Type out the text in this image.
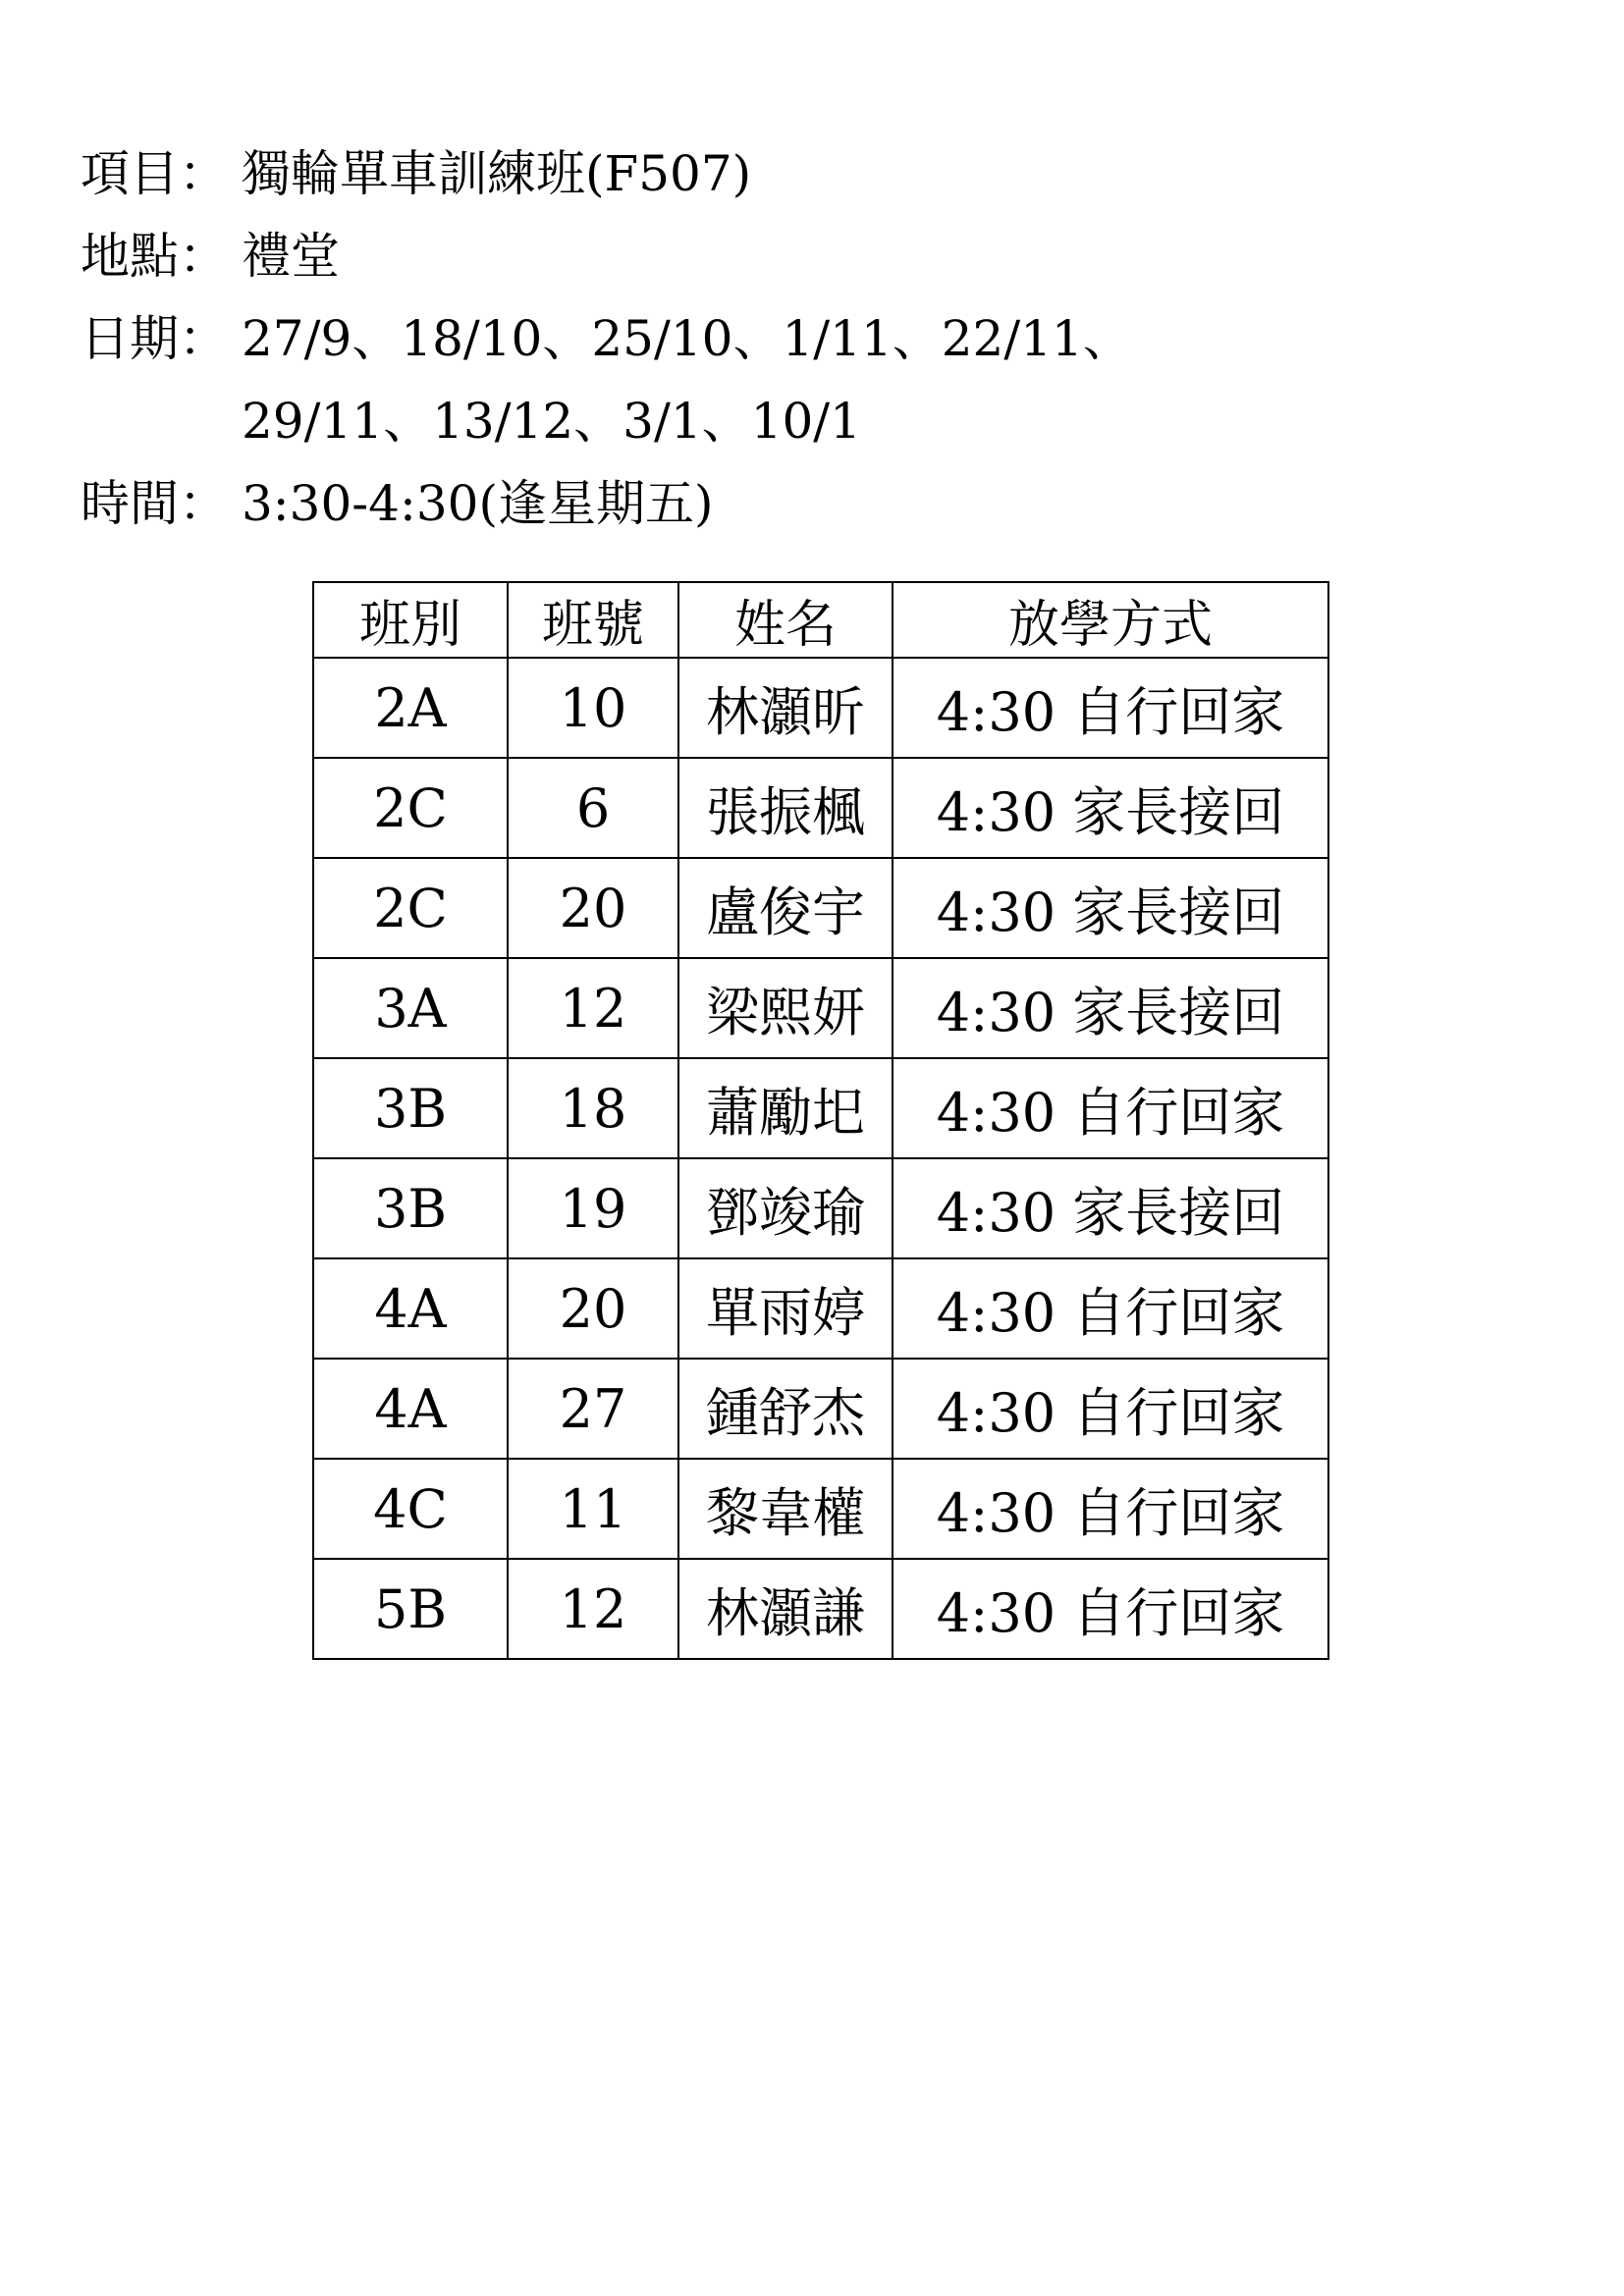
項目： 獨輪單車訓練班(F507)
地點： 禮堂
日期： 27/9、18/10、25/10、1/11、22/11、
29/11、13/12、3/1、10/1
時間： 3:30-4:30(逢星期五)
班別	班號	姓名	放學方式
2A	10	林灝昕	4:30 自行回家
2C	6	張振楓	4:30 家長接回
2C	20	盧俊宇	4:30 家長接回
3A	12	梁熙妍	4:30 家長接回
3B	18	蕭勵圯	4:30 自行回家
3B	19	鄧竣瑜	4:30 家長接回
4A	20	單雨婷	4:30 自行回家
4A	27	鍾舒杰	4:30 自行回家
4C	11	黎韋權	4:30 自行回家
5B	12	林灝謙	4:30 自行回家
